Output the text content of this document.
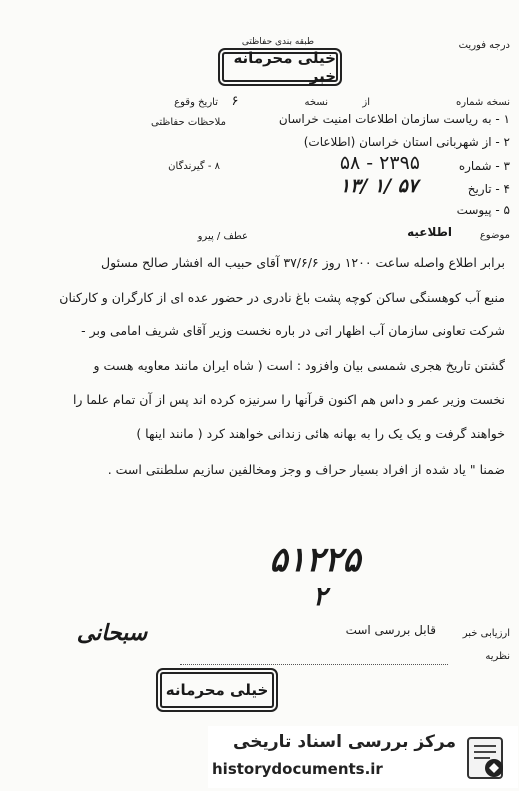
درجه فوریت
طبقه بندی حفاظتی
خیلی محرمانه خبر
نسخه شماره
از
نسخه
۶
تاریخ وقوع
۱ - به ریاست سازمان اطلاعات امنیت خراسان
ملاحظات حفاظتی
۲ - از شهربانی استان خراسان (اطلاعات)
۳ - شماره
۵۸ - ۲۳۹۵
۸ - گیرندگان
۴ - تاریخ
۱۳/ ۱/ ۵۷
۵ - پیوست
موضوع
اطلاعیه
عطف / پیرو
برابر اطلاع واصله ساعت ۱۲۰۰ روز ۳۷/۶/۶ آقای حبیب اله افشار صالح مسئول
منبع آب کوهسنگی ساکن کوچه پشت باغ نادری در حضور عده ای از کارگران و کارکنان
شرکت تعاونی سازمان آب اظهار اتی در باره نخست وزیر آقای شریف امامی وبر -
گشتن تاریخ هجری شمسی بیان وافزود : است ( شاه ایران مانند معاویه هست و
نخست وزیر عمر و داس هم اکنون قرآنها را سرنیزه کرده اند پس از آن تمام علما را
خواهند گرفت و یک یک را به بهانه هائی زندانی خواهند کرد ( مانند اینها )
ضمنا " یاد شده از افراد بسیار حراف و وجز ومخالفین سازیم سلطنتی است .
۵۱۲۲۵
۲
سبحانی	ارزیابی خبر
قابل بررسی است
نظریه
خیلی محرمانه
مرکز بررسی اسناد تاریخی
historydocuments.ir
